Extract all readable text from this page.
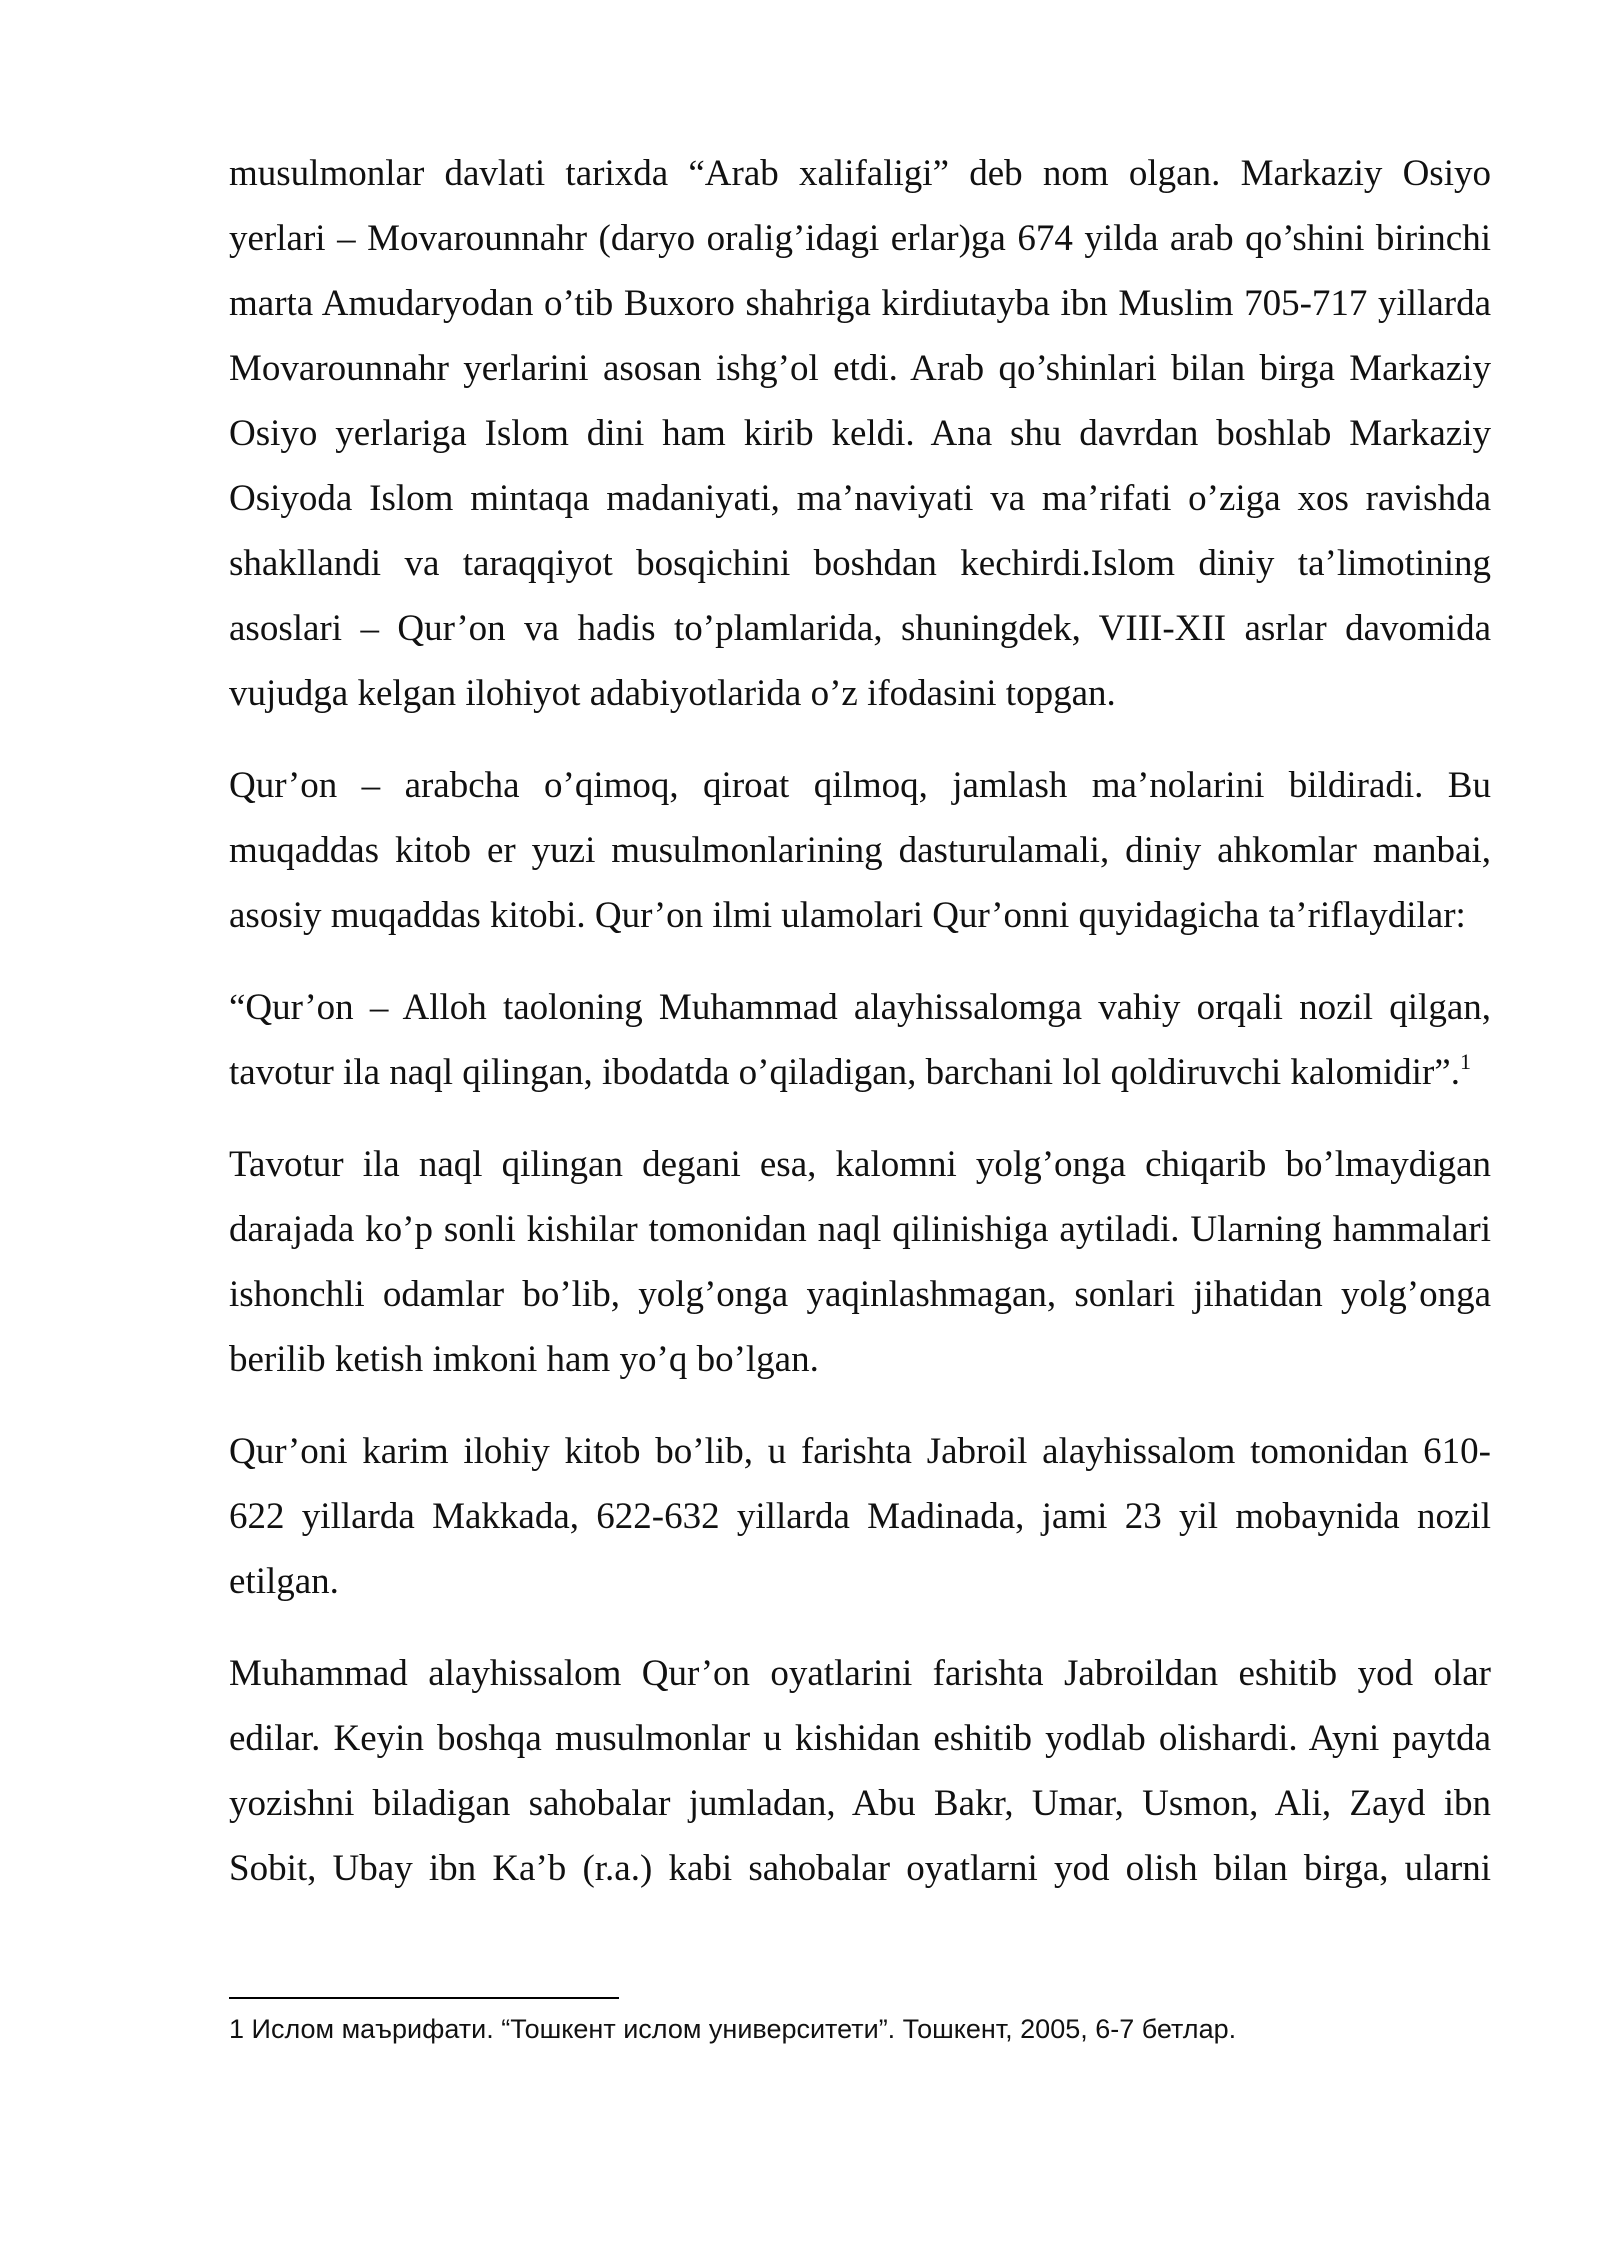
musulmonlar davlati tarixda “Arab xalifaligi” deb nom olgan. Markaziy Osiyo
yerlari – Movarounnahr (daryo oralig’idagi erlar)ga 674 yilda arab qo’shini birinchi
marta Amudaryodan o’tib Buxoro shahriga kirdiutayba ibn Muslim 705-717 yillarda
Movarounnahr yerlarini asosan ishg’ol etdi. Arab qo’shinlari bilan birga Markaziy
Osiyo yerlariga Islom dini ham kirib keldi. Ana shu davrdan boshlab Markaziy
Osiyoda Islom mintaqa madaniyati, ma’naviyati va ma’rifati o’ziga xos ravishda
shakllandi va taraqqiyot bosqichini boshdan kechirdi.Islom diniy ta’limotining
asoslari – Qur’on va hadis to’plamlarida, shuningdek, VIII-XII asrlar davomida
vujudga kelgan ilohiyot adabiyotlarida o’z ifodasini topgan.
Qur’on – arabcha o’qimoq, qiroat qilmoq, jamlash ma’nolarini bildiradi. Bu
muqaddas kitob er yuzi musulmonlarining dasturulamali, diniy ahkomlar manbai,
asosiy muqaddas kitobi. Qur’on ilmi ulamolari Qur’onni quyidagicha ta’riflaydilar:
“Qur’on – Alloh taoloning Muhammad alayhissalomga vahiy orqali nozil qilgan,
tavotur ila naql qilingan, ibodatda o’qiladigan, barchani lol qoldiruvchi kalomidir”.$^1$
Tavotur ila naql qilingan degani esa, kalomni yolg’onga chiqarib bo’lmaydigan
darajada ko’p sonli kishilar tomonidan naql qilinishiga aytiladi. Ularning hammalari
ishonchli odamlar bo’lib, yolg’onga yaqinlashmagan, sonlari jihatidan yolg’onga
berilib ketish imkoni ham yo’q bo’lgan.
Qur’oni karim ilohiy kitob bo’lib, u farishta Jabroil alayhissalom tomonidan 610-
622 yillarda Makkada, 622-632 yillarda Madinada, jami 23 yil mobaynida nozil
etilgan.
Muhammad alayhissalom Qur’on oyatlarini farishta Jabroildan eshitib yod olar
edilar. Keyin boshqa musulmonlar u kishidan eshitib yodlab olishardi. Ayni paytda
yozishni biladigan sahobalar jumladan, Abu Bakr, Umar, Usmon, Ali, Zayd ibn
Sobit, Ubay ibn Ka’b (r.a.) kabi sahobalar oyatlarni yod olish bilan birga, ularni
1 Ислом маърифати. “Тошкент ислом университети”. Тошкент, 2005, 6-7 бетлар.
